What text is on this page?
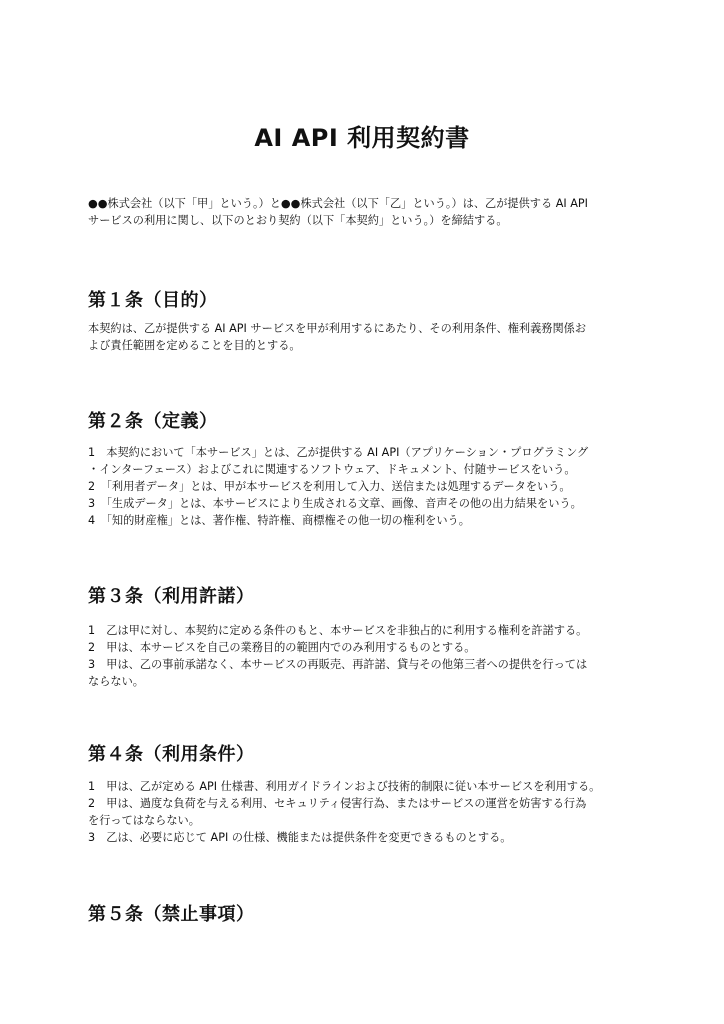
AI API 利用契約書

●●株式会社（以下「甲」という。）と●●株式会社（以下「乙」という。）は、乙が提供する AI API
サービスの利用に関し、以下のとおり契約（以下「本契約」という。）を締結する。

第１条（目的）

本契約は、乙が提供する AI API サービスを甲が利用するにあたり、その利用条件、権利義務関係お
よび責任範囲を定めることを目的とする。

第２条（定義）

1　本契約において「本サービス」とは、乙が提供する AI API（アプリケーション・プログラミング
・インターフェース）およびこれに関連するソフトウェア、ドキュメント、付随サービスをいう。
2　「利用者データ」とは、甲が本サービスを利用して入力、送信または処理するデータをいう。
3　「生成データ」とは、本サービスにより生成される文章、画像、音声その他の出力結果をいう。
4　「知的財産権」とは、著作権、特許権、商標権その他一切の権利をいう。

第３条（利用許諾）

1　乙は甲に対し、本契約に定める条件のもと、本サービスを非独占的に利用する権利を許諾する。
2　甲は、本サービスを自己の業務目的の範囲内でのみ利用するものとする。
3　甲は、乙の事前承諾なく、本サービスの再販売、再許諾、貸与その他第三者への提供を行っては
ならない。

第４条（利用条件）

1　甲は、乙が定める API 仕様書、利用ガイドラインおよび技術的制限に従い本サービスを利用する。
2　甲は、過度な負荷を与える利用、セキュリティ侵害行為、またはサービスの運営を妨害する行為
を行ってはならない。
3　乙は、必要に応じて API の仕様、機能または提供条件を変更できるものとする。

第５条（禁止事項）
